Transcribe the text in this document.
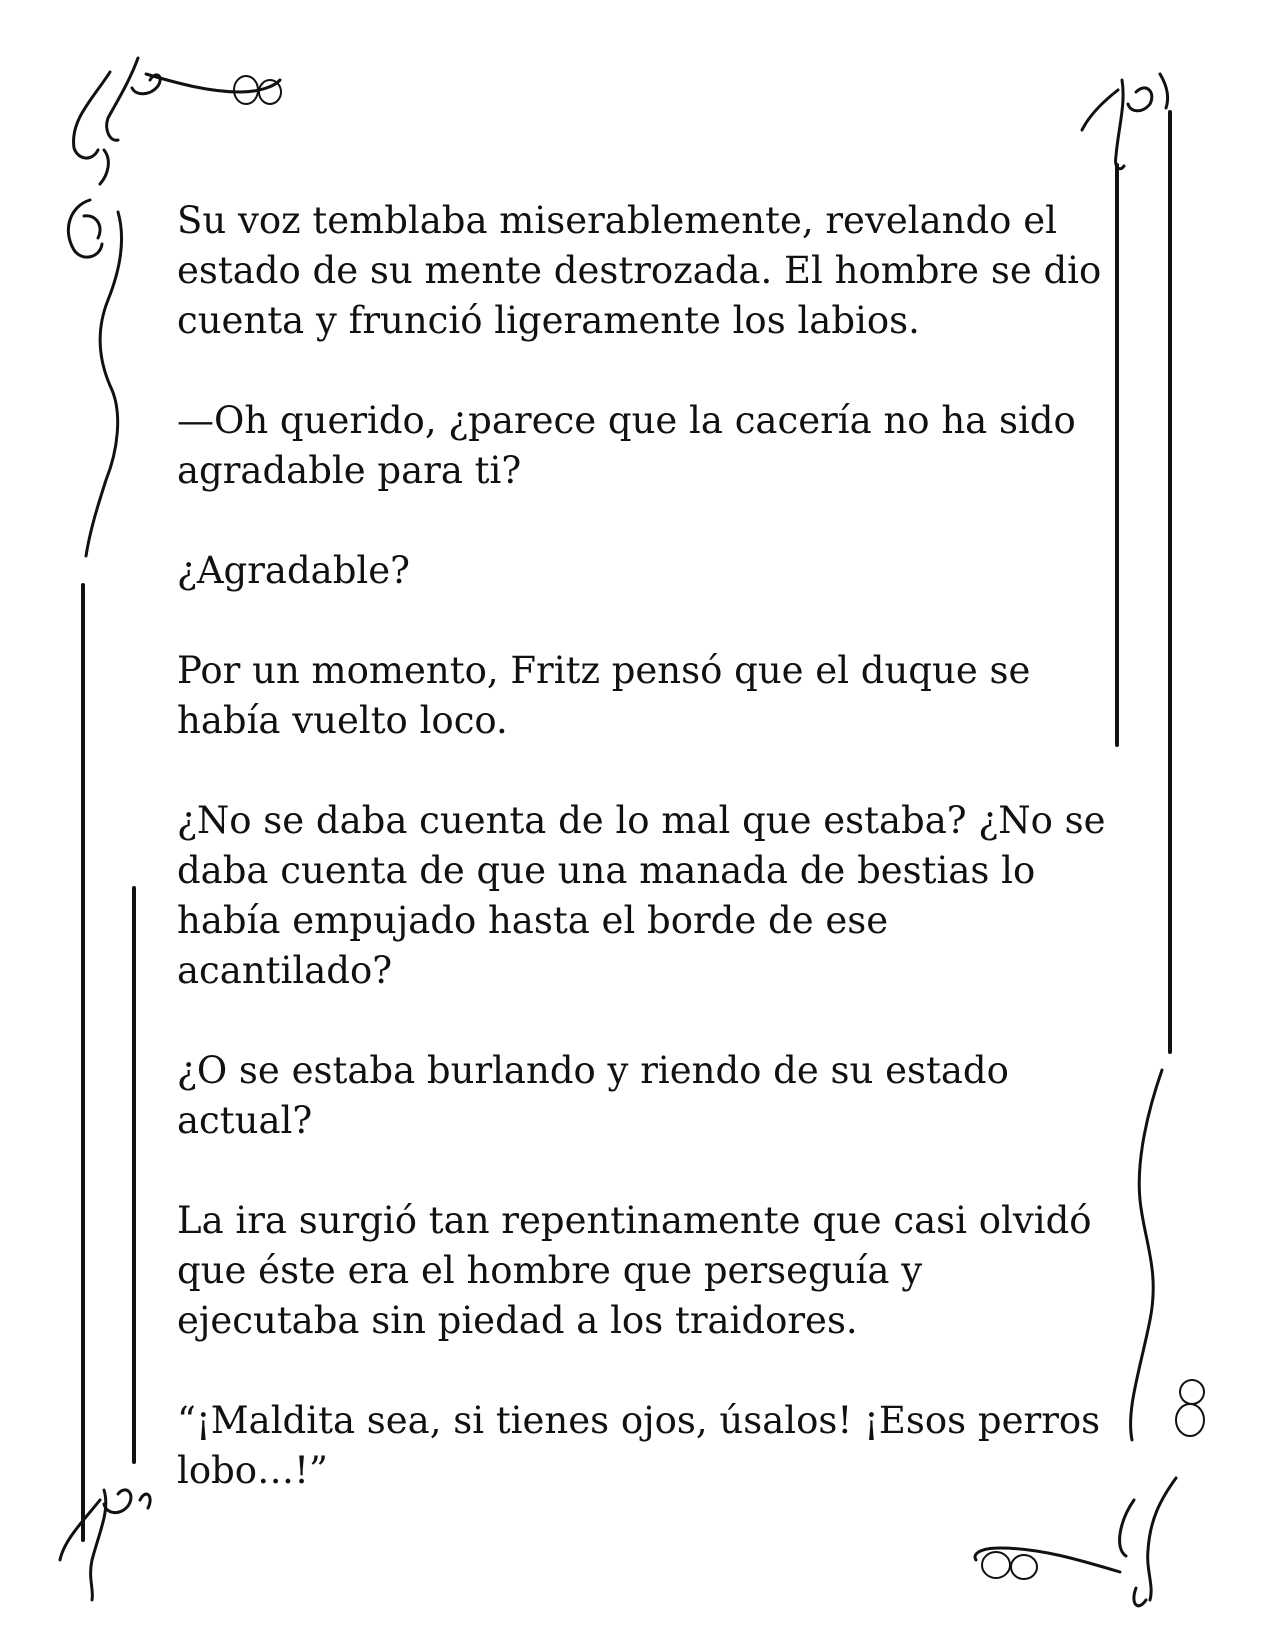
Su voz temblaba miserablemente, revelando el estado de su mente destrozada. El hombre se dio cuenta y frunció ligeramente los labios.

—Oh querido, ¿parece que la cacería no ha sido agradable para ti?

¿Agradable?

Por un momento, Fritz pensó que el duque se había vuelto loco.

¿No se daba cuenta de lo mal que estaba? ¿No se daba cuenta de que una manada de bestias lo había empujado hasta el borde de ese acantilado?

¿O se estaba burlando y riendo de su estado actual?

La ira surgió tan repentinamente que casi olvidó que éste era el hombre que perseguía y ejecutaba sin piedad a los traidores.

“¡Maldita sea, si tienes ojos, úsalos! ¡Esos perros lobo…!”
